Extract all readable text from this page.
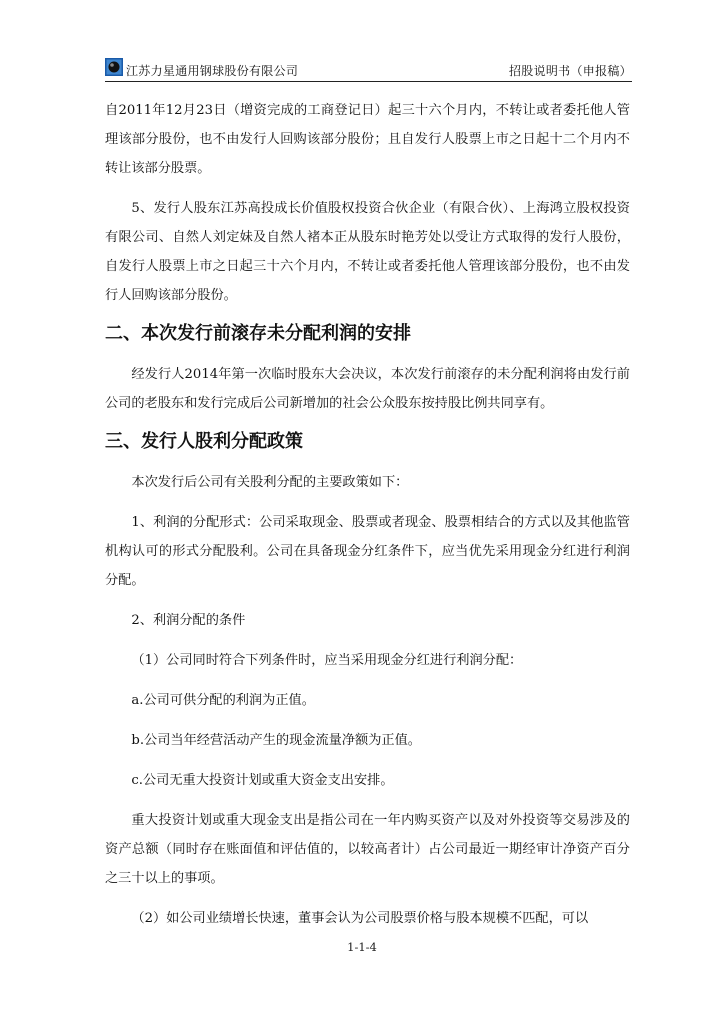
江苏力星通用钢球股份有限公司	招股说明书（申报稿）

自2011年12月23日（增资完成的工商登记日）起三十六个月内，不转让或者委托他人管理该部分股份，也不由发行人回购该部分股份；且自发行人股票上市之日起十二个月内不转让该部分股票。

5、发行人股东江苏高投成长价值股权投资合伙企业（有限合伙）、上海鸿立股权投资有限公司、自然人刘定妹及自然人褚本正从股东时艳芳处以受让方式取得的发行人股份，自发行人股票上市之日起三十六个月内，不转让或者委托他人管理该部分股份，也不由发行人回购该部分股份。

二、本次发行前滚存未分配利润的安排

经发行人2014年第一次临时股东大会决议，本次发行前滚存的未分配利润将由发行前公司的老股东和发行完成后公司新增加的社会公众股东按持股比例共同享有。

三、发行人股利分配政策

本次发行后公司有关股利分配的主要政策如下：

1、利润的分配形式：公司采取现金、股票或者现金、股票相结合的方式以及其他监管机构认可的形式分配股利。公司在具备现金分红条件下，应当优先采用现金分红进行利润分配。

2、利润分配的条件

（1）公司同时符合下列条件时，应当采用现金分红进行利润分配：

a.公司可供分配的利润为正值。

b.公司当年经营活动产生的现金流量净额为正值。

c.公司无重大投资计划或重大资金支出安排。

重大投资计划或重大现金支出是指公司在一年内购买资产以及对外投资等交易涉及的资产总额（同时存在账面值和评估值的，以较高者计）占公司最近一期经审计净资产百分之三十以上的事项。

（2）如公司业绩增长快速，董事会认为公司股票价格与股本规模不匹配，可以

1-1-4
